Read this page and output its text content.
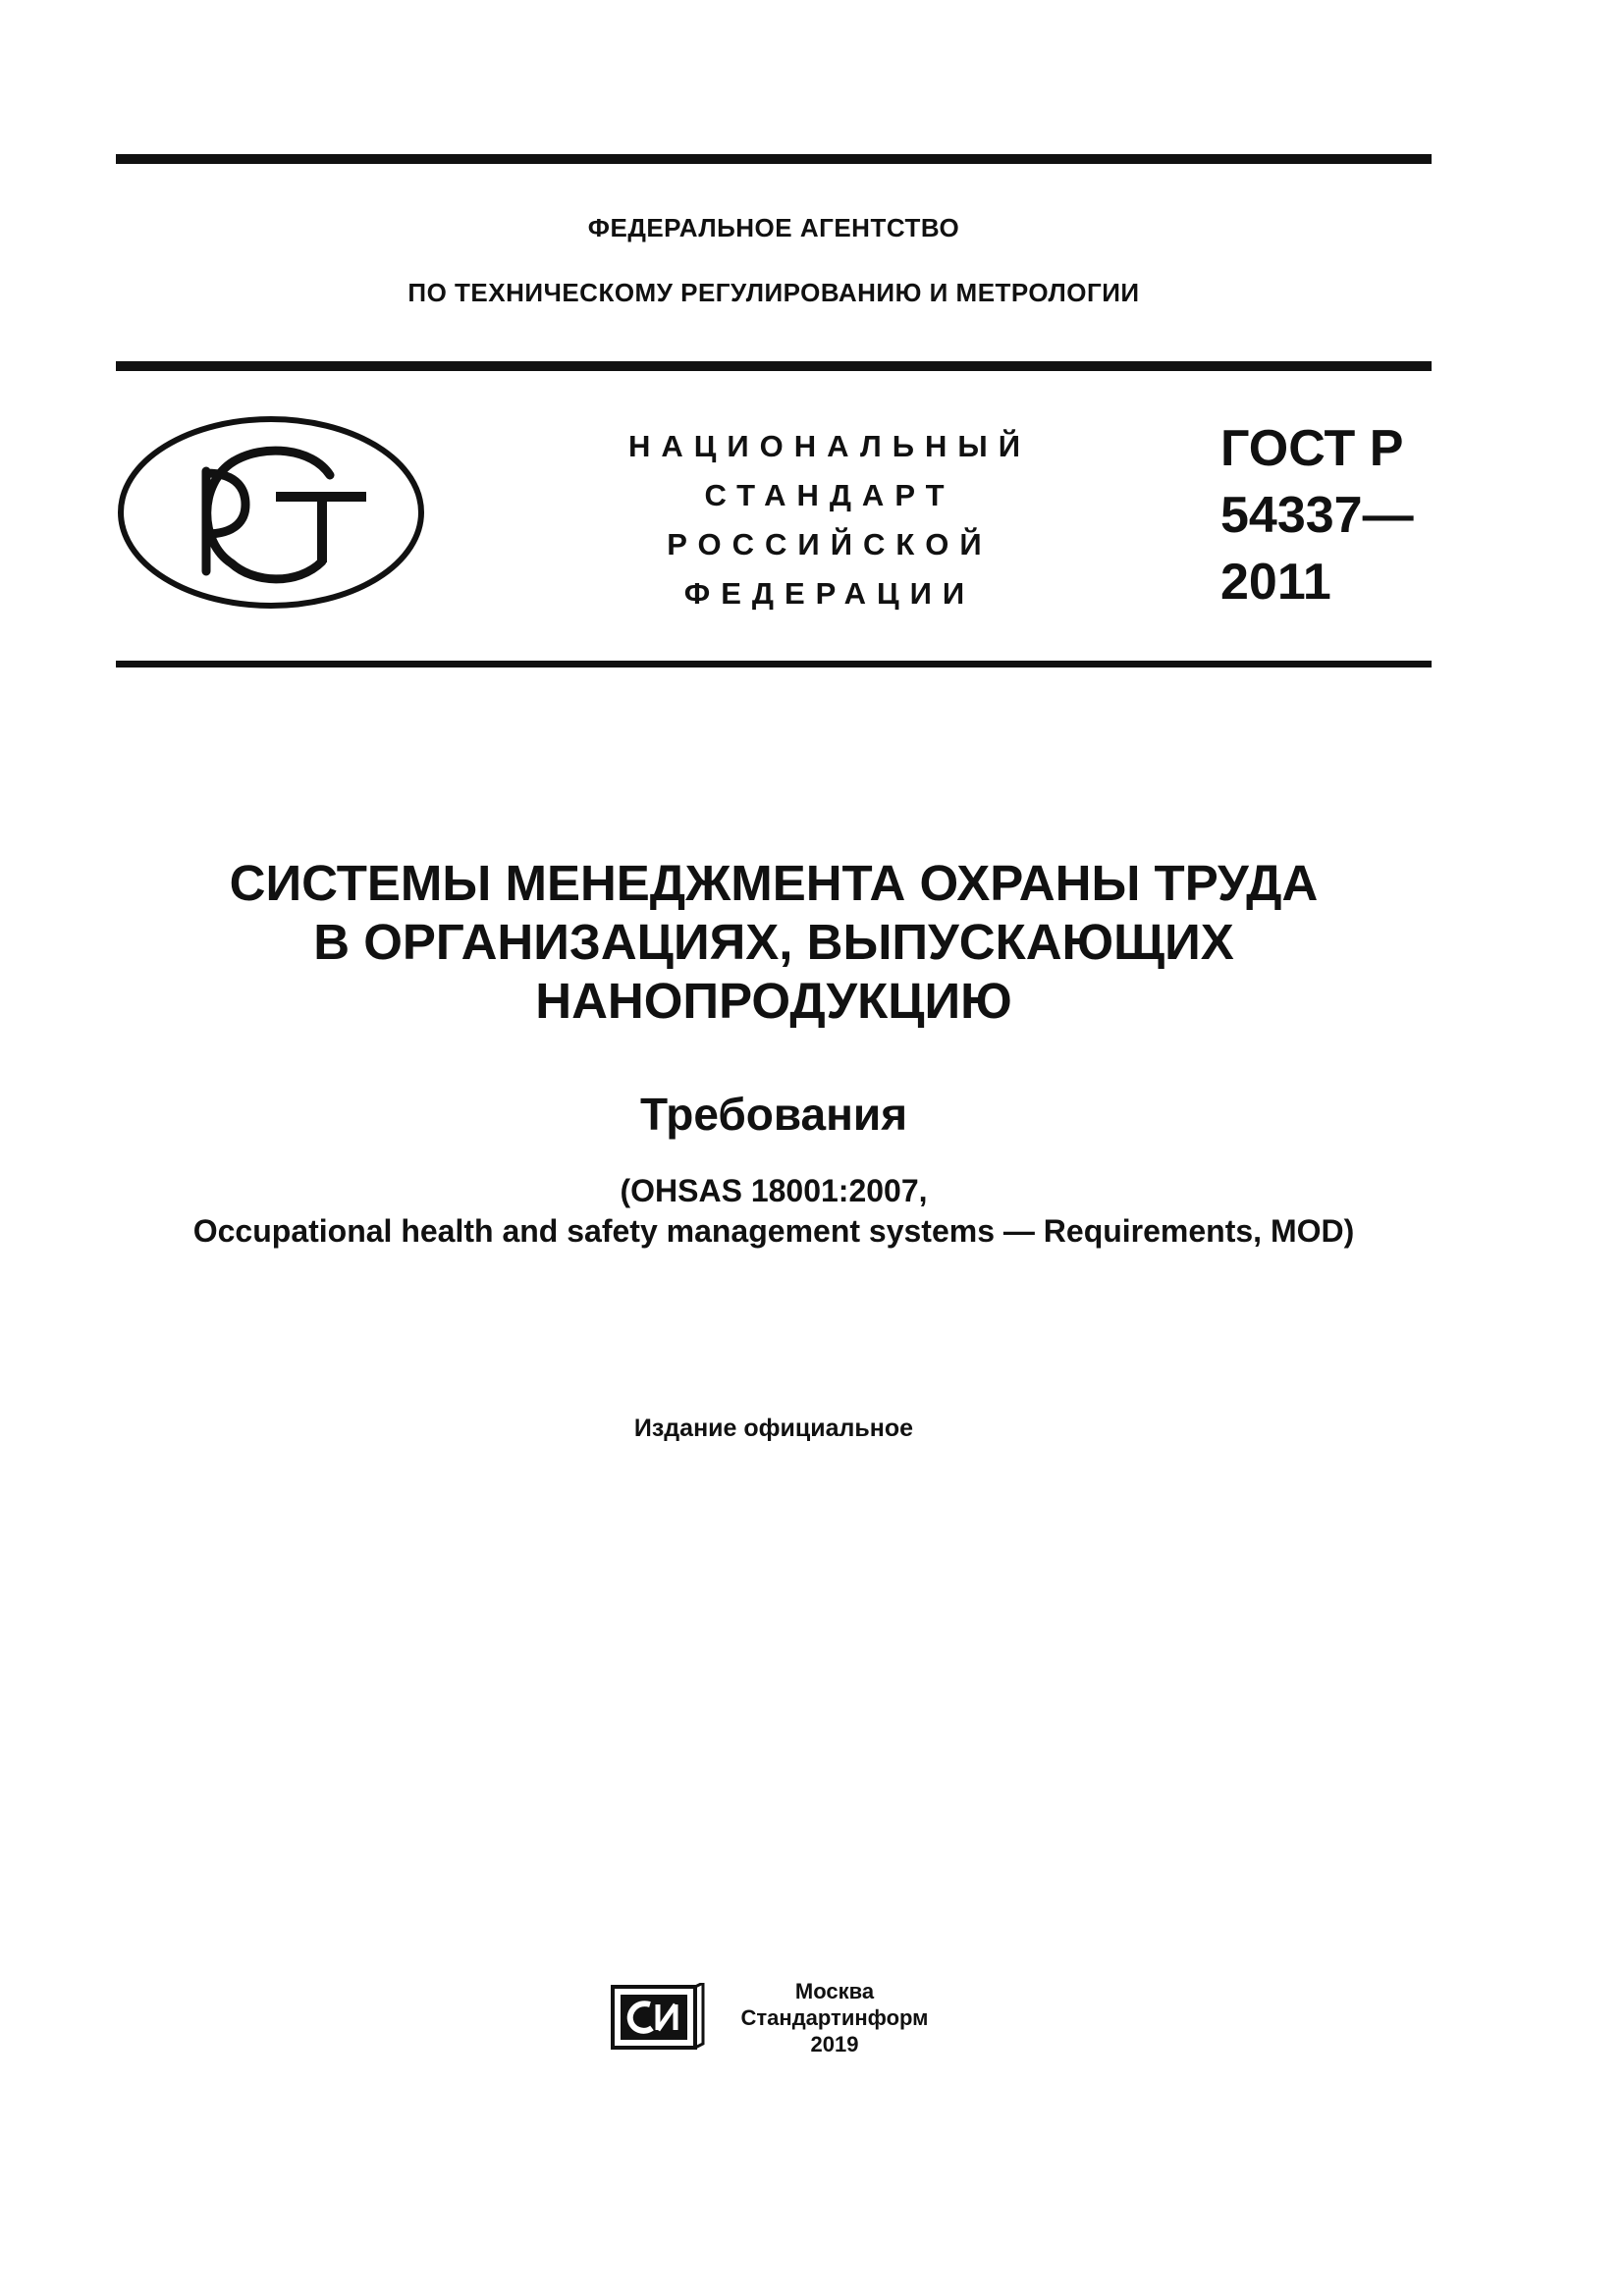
ФЕДЕРАЛЬНОЕ АГЕНТСТВО
ПО ТЕХНИЧЕСКОМУ РЕГУЛИРОВАНИЮ И МЕТРОЛОГИИ
НАЦИОНАЛЬНЫЙ
СТАНДАРТ
РОССИЙСКОЙ
ФЕДЕРАЦИИ
ГОСТ Р
54337—
2011
СИСТЕМЫ МЕНЕДЖМЕНТА ОХРАНЫ ТРУДА
В ОРГАНИЗАЦИЯХ, ВЫПУСКАЮЩИХ
НАНОПРОДУКЦИЮ
Требования
(OHSAS 18001:2007,
Occupational health and safety management systems — Requirements, MOD)
Издание официальное
Москва
Стандартинформ
2019
